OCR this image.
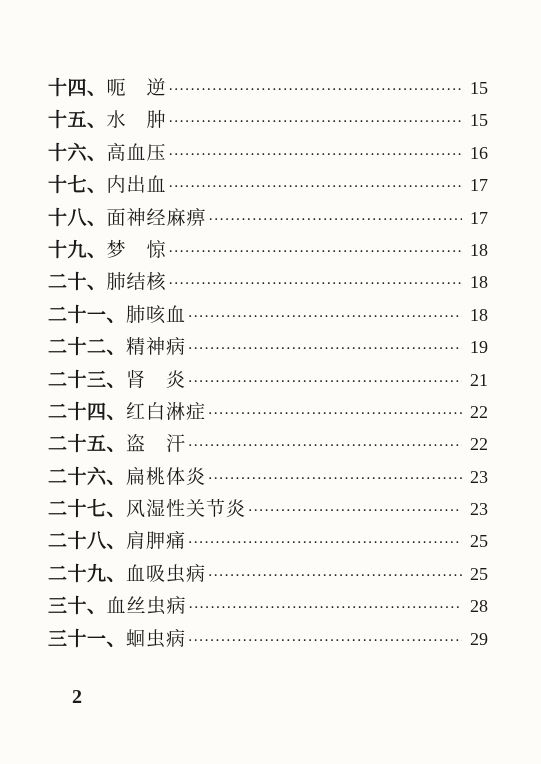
十四、 呃　逆 ·····	15
十五、 水　肿 ·····	15
十六、 高血压 ·····	16
十七、 内出血 ·····	17
十八、 面神经麻痹 ·····	17
十九、 梦　惊 ·····	18
二十、 肺结核 ·····	18
二十一、 肺咳血 ·····	18
二十二、 精神病 ·····	19
二十三、 肾　炎 ·····	21
二十四、 红白淋症 ·····	22
二十五、 盗　汗 ·····	22
二十六、 扁桃体炎 ·····	23
二十七、 风湿性关节炎 ·····	23
二十八、 肩胛痛 ·····	25
二十九、 血吸虫病 ·····	25
三十、 血丝虫病 ·····	28
三十一、 蛔虫病 ·····	29
2
